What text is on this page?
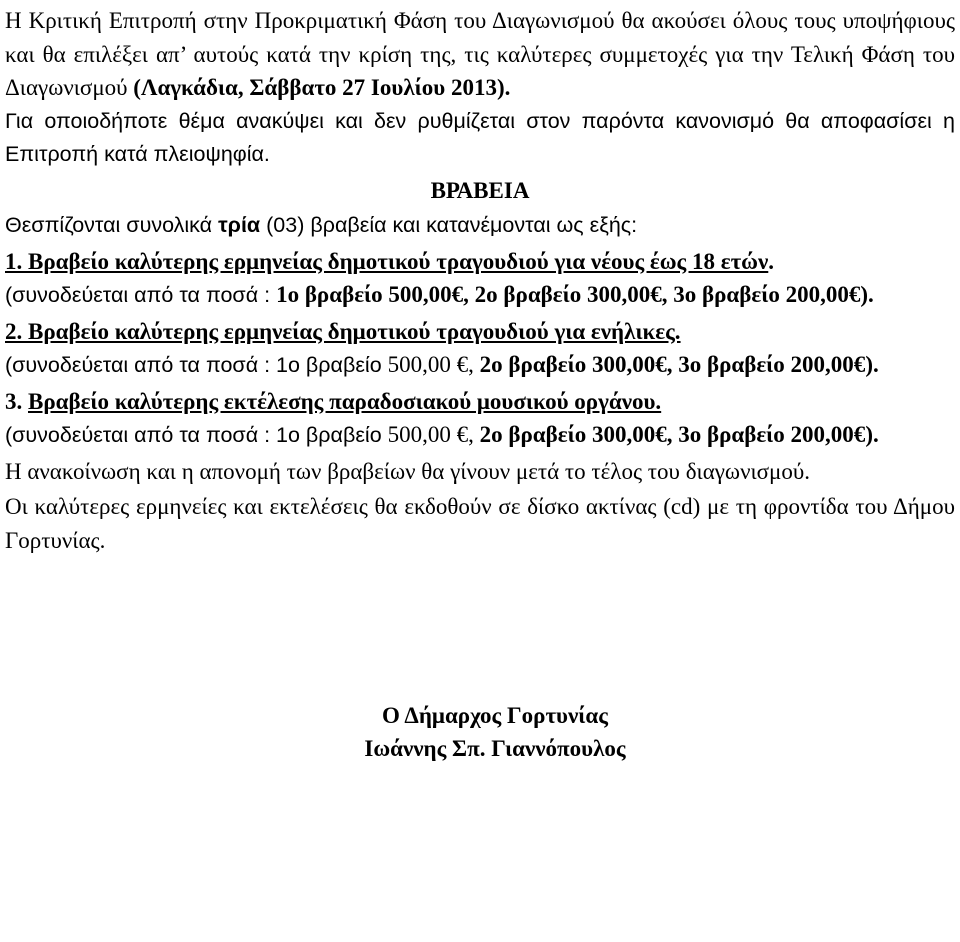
Η Κριτική Επιτροπή στην Προκριματική Φάση του Διαγωνισμού θα ακούσει όλους τους υποψήφιους και θα επιλέξει απ’ αυτούς κατά την κρίση της, τις καλύτερες συμμετοχές για την Τελική Φάση του Διαγωνισμού (Λαγκάδια, Σάββατο 27 Ιουλίου 2013).

Για οποιοδήποτε θέμα ανακύψει και δεν ρυθμίζεται στον παρόντα κανονισμό θα αποφασίσει η Επιτροπή κατά πλειοψηφία.

ΒΡΑΒΕΙΑ

Θεσπίζονται συνολικά τρία (03) βραβεία και κατανέμονται ως εξής:

1. Βραβείο καλύτερης ερμηνείας δημοτικού τραγουδιού για νέους έως 18 ετών.

(συνοδεύεται από τα ποσά : 1ο βραβείο 500,00€, 2ο βραβείο 300,00€, 3ο βραβείο 200,00€).

2. Βραβείο καλύτερης ερμηνείας δημοτικού τραγουδιού για ενήλικες.

(συνοδεύεται από τα ποσά : 1ο βραβείο 500,00 €, 2ο βραβείο 300,00€, 3ο βραβείο 200,00€).

3. Βραβείο καλύτερης εκτέλεσης παραδοσιακού μουσικού οργάνου.

(συνοδεύεται από τα ποσά : 1ο βραβείο 500,00 €, 2ο βραβείο 300,00€, 3ο βραβείο 200,00€).

Η ανακοίνωση και η απονομή των βραβείων θα γίνουν μετά το τέλος του διαγωνισμού.

Οι καλύτερες ερμηνείες και εκτελέσεις θα εκδοθούν σε δίσκο ακτίνας (cd) με τη φροντίδα του Δήμου Γορτυνίας.

Ο Δήμαρχος Γορτυνίας
Ιωάννης Σπ. Γιαννόπουλος
